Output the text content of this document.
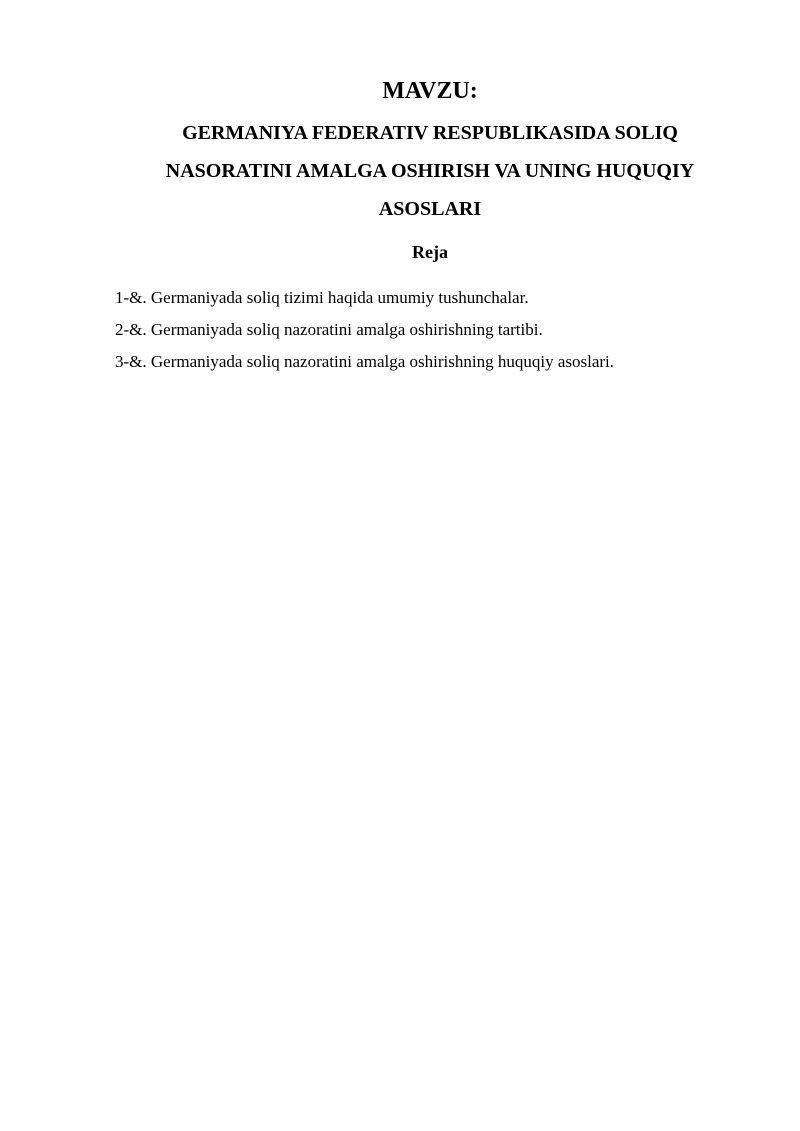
MAVZU:
GERMANIYA FEDERATIV RESPUBLIKASIDA SOLIQ
NASORATINI AMALGA OSHIRISH VA UNING HUQUQIY
ASOSLARI
Reja
1-&. Germaniyada soliq tizimi haqida umumiy tushunchalar.
2-&. Germaniyada soliq nazoratini amalga oshirishning tartibi.
3-&. Germaniyada soliq nazoratini amalga oshirishning huquqiy asoslari.
